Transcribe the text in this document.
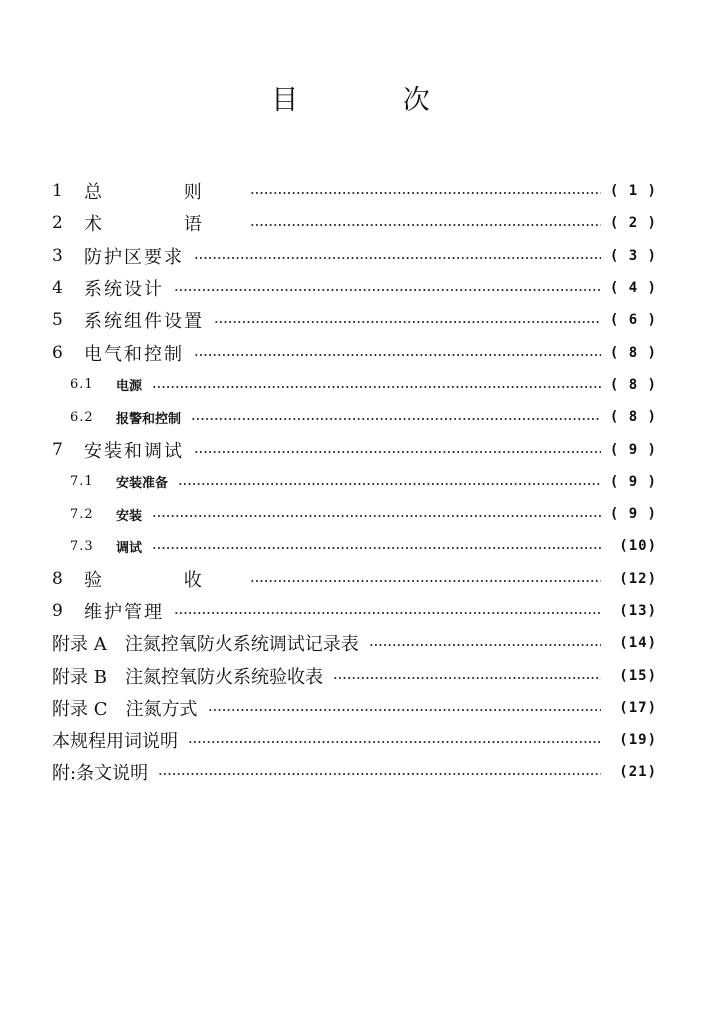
目 次
1	总 则	( 1 )
2	术 语	( 2 )
3	防护区要求	( 3 )
4	系统设计	( 4 )
5	系统组件设置	( 6 )
6	电气和控制	( 8 )
6.1	电源	( 8 )
6.2	报警和控制	( 8 )
7	安装和调试	( 9 )
7.1	安装准备	( 9 )
7.2	安装	( 9 )
7.3	调试	(10)
8	验 收	(12)
9	维护管理	(13)
附录 A　注氮控氧防火系统调试记录表	(14)
附录 B　注氮控氧防火系统验收表	(15)
附录 C　注氮方式	(17)
本规程用词说明	(19)
附:条文说明	(21)
